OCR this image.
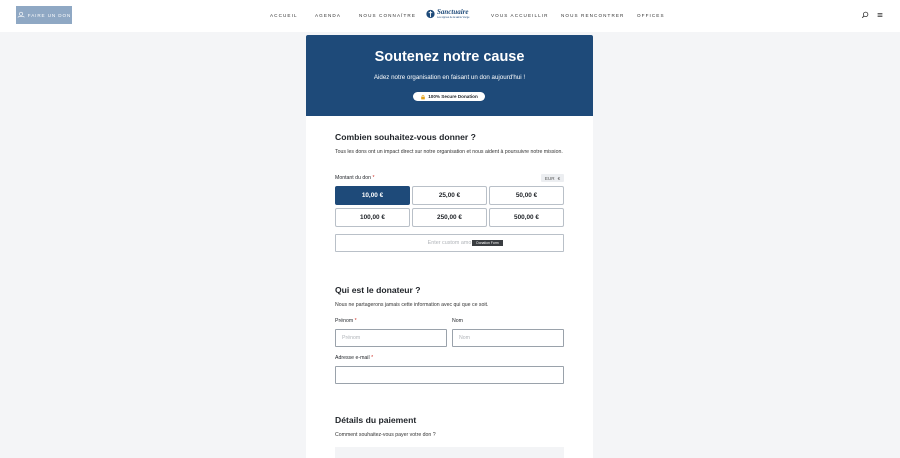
FAIRE UN DON	ACCUEIL	AGENDA	NOUS CONNAÎTRE	Sanctuaire
Les sigmes de la sainte Vierge	VOUS ACCUEILLIR	NOUS RENCONTRER	OFFICES
Soutenez notre cause

Aidez notre organisation en faisant un don aujourd'hui !

100% Secure Donation
Combien souhaitez-vous donner ?
Tous les dons ont un impact direct sur notre organisation et nous aident à poursuivre notre mission.
Montant du don *	EUR €
10,00 €	25,00 €	50,00 €
100,00 €	250,00 €	500,00 €
Enter custom amo	Donation Form
Qui est le donateur ?
Nous ne partagerons jamais cette information avec qui que ce soit.
Prénom *	Nom
Prénom	Nom
Adresse e-mail *
Détails du paiement
Comment souhaitez-vous payer votre don ?
